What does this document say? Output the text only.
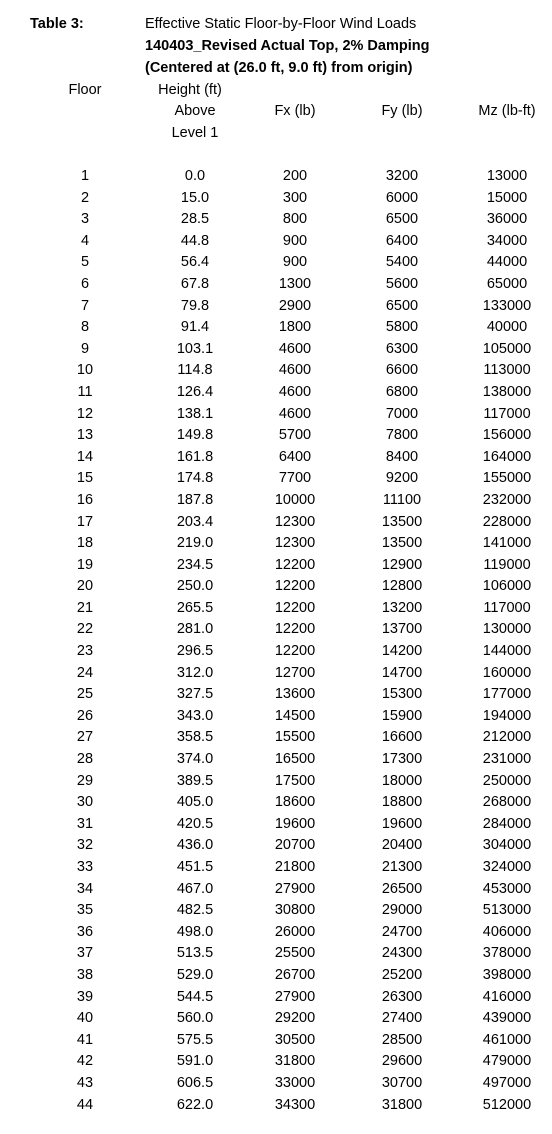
Table 3:	Effective Static Floor-by-Floor Wind Loads
140403_Revised Actual Top, 2% Damping
(Centered at (26.0 ft, 9.0 ft) from origin)
Floor	Height (ft)
Above
Level 1
Fx (lb)	Fy (lb)	Mz (lb-ft)
1	0.0	200	3200	13000
2	15.0	300	6000	15000
3	28.5	800	6500	36000
4	44.8	900	6400	34000
5	56.4	900	5400	44000
6	67.8	1300	5600	65000
7	79.8	2900	6500	133000
8	91.4	1800	5800	40000
9	103.1	4600	6300	105000
10	114.8	4600	6600	113000
11	126.4	4600	6800	138000
12	138.1	4600	7000	117000
13	149.8	5700	7800	156000
14	161.8	6400	8400	164000
15	174.8	7700	9200	155000
16	187.8	10000	11100	232000
17	203.4	12300	13500	228000
18	219.0	12300	13500	141000
19	234.5	12200	12900	119000
20	250.0	12200	12800	106000
21	265.5	12200	13200	117000
22	281.0	12200	13700	130000
23	296.5	12200	14200	144000
24	312.0	12700	14700	160000
25	327.5	13600	15300	177000
26	343.0	14500	15900	194000
27	358.5	15500	16600	212000
28	374.0	16500	17300	231000
29	389.5	17500	18000	250000
30	405.0	18600	18800	268000
31	420.5	19600	19600	284000
32	436.0	20700	20400	304000
33	451.5	21800	21300	324000
34	467.0	27900	26500	453000
35	482.5	30800	29000	513000
36	498.0	26000	24700	406000
37	513.5	25500	24300	378000
38	529.0	26700	25200	398000
39	544.5	27900	26300	416000
40	560.0	29200	27400	439000
41	575.5	30500	28500	461000
42	591.0	31800	29600	479000
43	606.5	33000	30700	497000
44	622.0	34300	31800	512000
